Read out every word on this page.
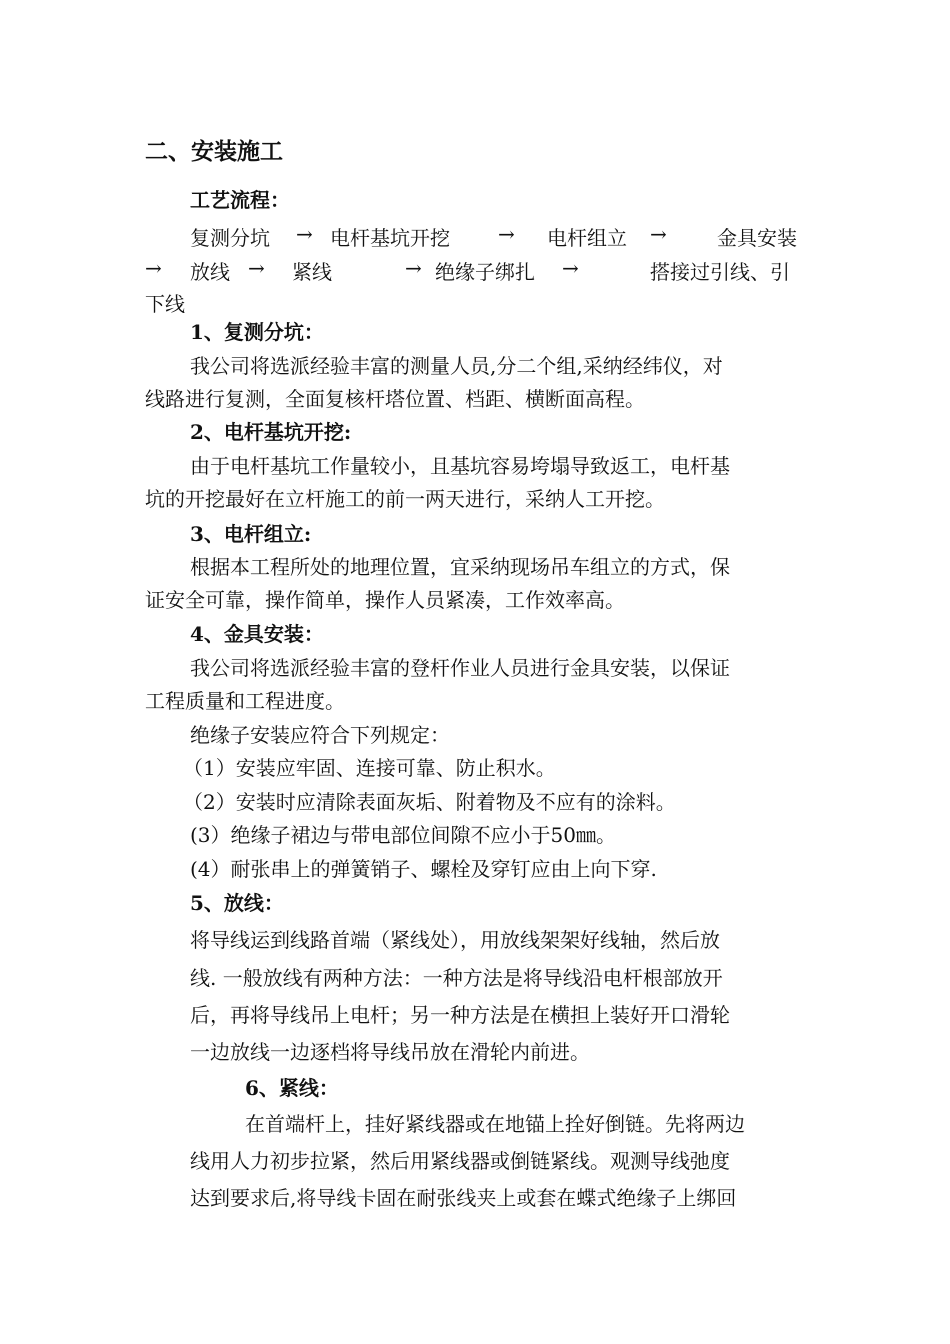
二、安装施工
工艺流程：
复测分坑 → 电杆基坑开挖 → 电杆组立 →	金具安装
→ 放线 → 紧线	→ 绝缘子绑扎 →	搭接过引线、引
下线
1、复测分坑：
我公司将选派经验丰富的测量人员,分二个组,采纳经纬仪，对
线路进行复测，全面复核杆塔位置、档距、横断面高程。
2、电杆基坑开挖:
由于电杆基坑工作量较小，且基坑容易垮塌导致返工，电杆基
坑的开挖最好在立杆施工的前一两天进行，采纳人工开挖。
3、电杆组立:
根据本工程所处的地理位置，宜采纳现场吊车组立的方式，保
证安全可靠，操作简单，操作人员紧凑，工作效率高。
4、金具安装：
我公司将选派经验丰富的登杆作业人员进行金具安装，以保证
工程质量和工程进度。
绝缘子安装应符合下列规定：
（1）安装应牢固、连接可靠、防止积水。
（2）安装时应清除表面灰垢、附着物及不应有的涂料。
(3）绝缘子裙边与带电部位间隙不应小于50㎜。
(4）耐张串上的弹簧销子、螺栓及穿钉应由上向下穿.
5、放线：
将导线运到线路首端（紧线处），用放线架架好线轴，然后放
线. 一般放线有两种方法：一种方法是将导线沿电杆根部放开
后，再将导线吊上电杆；另一种方法是在横担上装好开口滑轮
一边放线一边逐档将导线吊放在滑轮内前进。
6、紧线：
在首端杆上，挂好紧线器或在地锚上拴好倒链。先将两边
线用人力初步拉紧，然后用紧线器或倒链紧线。观测导线弛度
达到要求后,将导线卡固在耐张线夹上或套在蝶式绝缘子上绑回
